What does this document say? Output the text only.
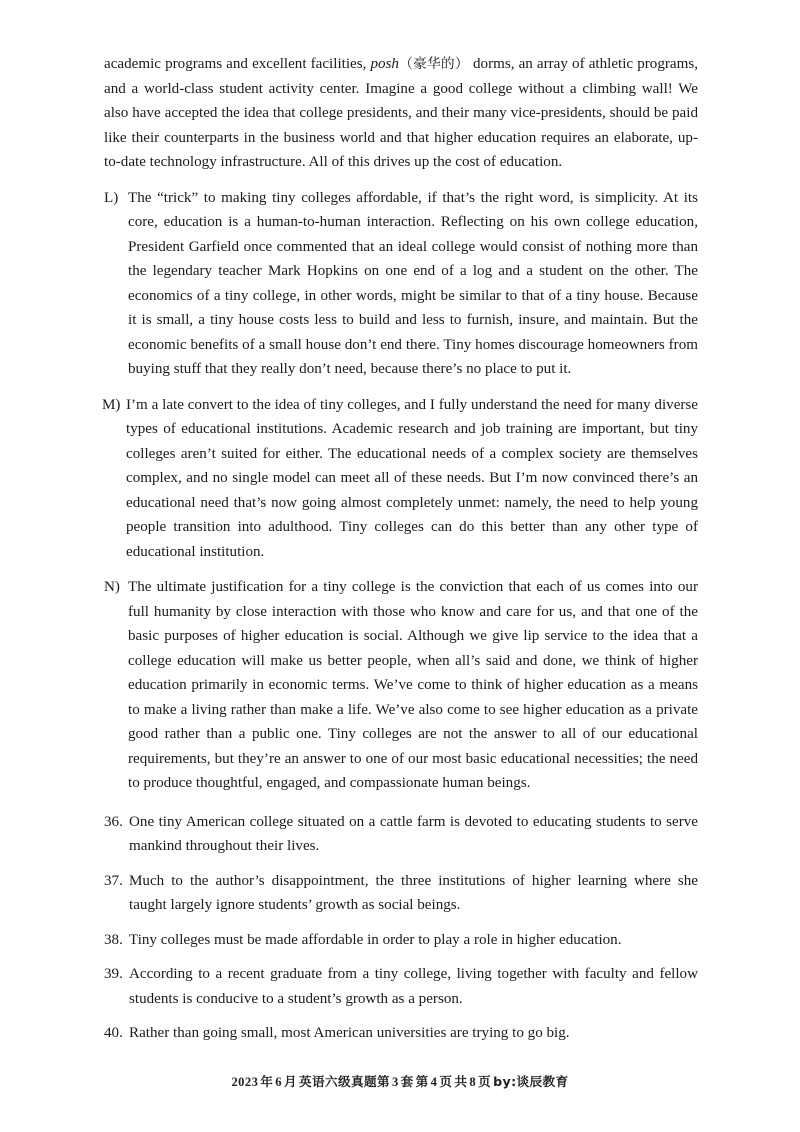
academic programs and excellent facilities, posh（豪华的） dorms, an array of athletic programs, and a world-class student activity center. Imagine a good college without a climbing wall! We also have accepted the idea that college presidents, and their many vice-presidents, should be paid like their counterparts in the business world and that higher education requires an elaborate, up-to-date technology infrastructure. All of this drives up the cost of education.
L) The “trick” to making tiny colleges affordable, if that’s the right word, is simplicity. At its core, education is a human-to-human interaction. Reflecting on his own college education, President Garfield once commented that an ideal college would consist of nothing more than the legendary teacher Mark Hopkins on one end of a log and a student on the other. The economics of a tiny college, in other words, might be similar to that of a tiny house. Because it is small, a tiny house costs less to build and less to furnish, insure, and maintain. But the economic benefits of a small house don’t end there. Tiny homes discourage homeowners from buying stuff that they really don’t need, because there’s no place to put it.
M) I’m a late convert to the idea of tiny colleges, and I fully understand the need for many diverse types of educational institutions. Academic research and job training are important, but tiny colleges aren’t suited for either. The educational needs of a complex society are themselves complex, and no single model can meet all of these needs. But I’m now convinced there’s an educational need that’s now going almost completely unmet: namely, the need to help young people transition into adulthood. Tiny colleges can do this better than any other type of educational institution.
N) The ultimate justification for a tiny college is the conviction that each of us comes into our full humanity by close interaction with those who know and care for us, and that one of the basic purposes of higher education is social. Although we give lip service to the idea that a college education will make us better people, when all’s said and done, we think of higher education primarily in economic terms. We’ve come to think of higher education as a means to make a living rather than make a life. We’ve also come to see higher education as a private good rather than a public one. Tiny colleges are not the answer to all of our educational requirements, but they’re an answer to one of our most basic educational necessities; the need to produce thoughtful, engaged, and compassionate human beings.
36. One tiny American college situated on a cattle farm is devoted to educating students to serve mankind throughout their lives.
37. Much to the author’s disappointment, the three institutions of higher learning where she taught largely ignore students’ growth as social beings.
38. Tiny colleges must be made affordable in order to play a role in higher education.
39. According to a recent graduate from a tiny college, living together with faculty and fellow students is conducive to a student’s growth as a person.
40. Rather than going small, most American universities are trying to go big.
2023 年 6 月 英语六级真题第 3 套 第 4 页 共 8 页 by:谈辰教育
